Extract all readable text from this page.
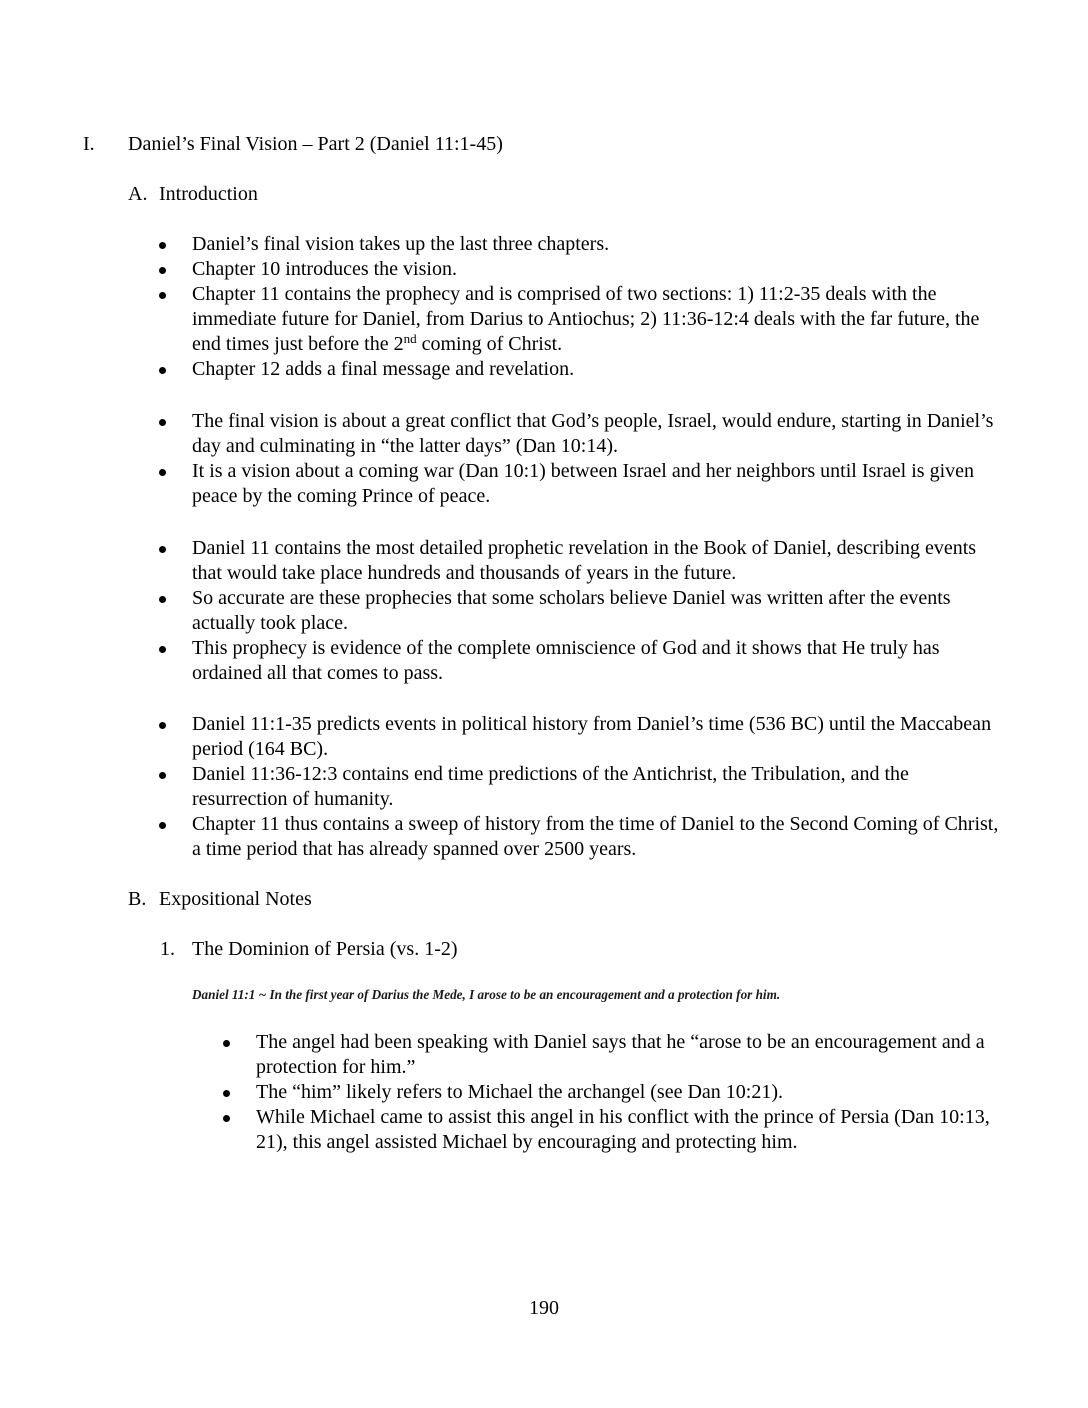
I. Daniel’s Final Vision – Part 2 (Daniel 11:1-45)
A. Introduction
Daniel’s final vision takes up the last three chapters.
Chapter 10 introduces the vision.
Chapter 11 contains the prophecy and is comprised of two sections: 1) 11:2-35 deals with the immediate future for Daniel, from Darius to Antiochus; 2) 11:36-12:4 deals with the far future, the end times just before the 2nd coming of Christ.
Chapter 12 adds a final message and revelation.
The final vision is about a great conflict that God’s people, Israel, would endure, starting in Daniel’s day and culminating in “the latter days” (Dan 10:14).
It is a vision about a coming war (Dan 10:1) between Israel and her neighbors until Israel is given peace by the coming Prince of peace.
Daniel 11 contains the most detailed prophetic revelation in the Book of Daniel, describing events that would take place hundreds and thousands of years in the future.
So accurate are these prophecies that some scholars believe Daniel was written after the events actually took place.
This prophecy is evidence of the complete omniscience of God and it shows that He truly has ordained all that comes to pass.
Daniel 11:1-35 predicts events in political history from Daniel’s time (536 BC) until the Maccabean period (164 BC).
Daniel 11:36-12:3 contains end time predictions of the Antichrist, the Tribulation, and the resurrection of humanity.
Chapter 11 thus contains a sweep of history from the time of Daniel to the Second Coming of Christ, a time period that has already spanned over 2500 years.
B. Expositional Notes
1. The Dominion of Persia (vs. 1-2)
Daniel 11:1 ~ In the first year of Darius the Mede, I arose to be an encouragement and a protection for him.
The angel had been speaking with Daniel says that he “arose to be an encouragement and a protection for him.”
The “him” likely refers to Michael the archangel (see Dan 10:21).
While Michael came to assist this angel in his conflict with the prince of Persia (Dan 10:13, 21), this angel assisted Michael by encouraging and protecting him.
190
